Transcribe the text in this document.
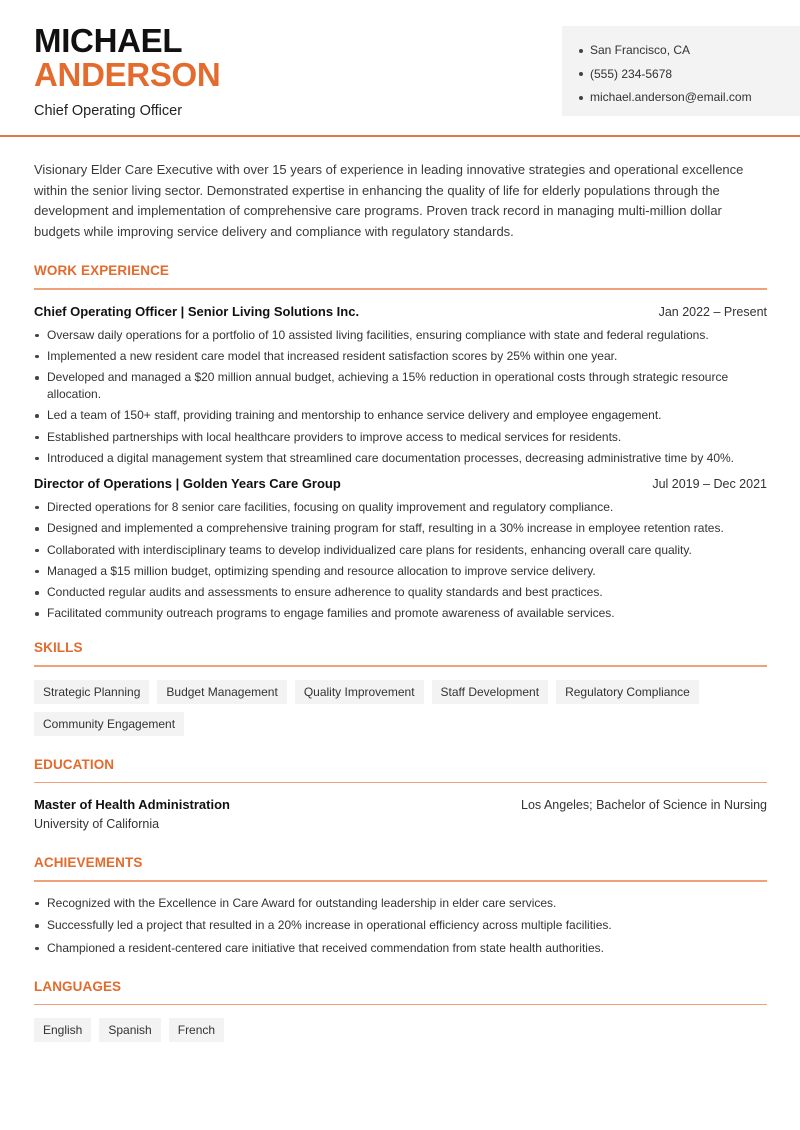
MICHAEL
ANDERSON
Chief Operating Officer
San Francisco, CA
(555) 234-5678
michael.anderson@email.com

Visionary Elder Care Executive with over 15 years of experience in leading innovative strategies and operational excellence within the senior living sector. Demonstrated expertise in enhancing the quality of life for elderly populations through the development and implementation of comprehensive care programs. Proven track record in managing multi-million dollar budgets while improving service delivery and compliance with regulatory standards.

WORK EXPERIENCE
Chief Operating Officer | Senior Living Solutions Inc.	Jan 2022 – Present
Oversaw daily operations for a portfolio of 10 assisted living facilities, ensuring compliance with state and federal regulations.
Implemented a new resident care model that increased resident satisfaction scores by 25% within one year.
Developed and managed a $20 million annual budget, achieving a 15% reduction in operational costs through strategic resource allocation.
Led a team of 150+ staff, providing training and mentorship to enhance service delivery and employee engagement.
Established partnerships with local healthcare providers to improve access to medical services for residents.
Introduced a digital management system that streamlined care documentation processes, decreasing administrative time by 40%.
Director of Operations | Golden Years Care Group	Jul 2019 – Dec 2021
Directed operations for 8 senior care facilities, focusing on quality improvement and regulatory compliance.
Designed and implemented a comprehensive training program for staff, resulting in a 30% increase in employee retention rates.
Collaborated with interdisciplinary teams to develop individualized care plans for residents, enhancing overall care quality.
Managed a $15 million budget, optimizing spending and resource allocation to improve service delivery.
Conducted regular audits and assessments to ensure adherence to quality standards and best practices.
Facilitated community outreach programs to engage families and promote awareness of available services.
SKILLS
Strategic Planning	Budget Management	Quality Improvement	Staff Development	Regulatory Compliance
Community Engagement
EDUCATION
Master of Health Administration	Los Angeles; Bachelor of Science in Nursing
University of California
ACHIEVEMENTS
Recognized with the Excellence in Care Award for outstanding leadership in elder care services.
Successfully led a project that resulted in a 20% increase in operational efficiency across multiple facilities.
Championed a resident-centered care initiative that received commendation from state health authorities.
LANGUAGES
English	Spanish	French
